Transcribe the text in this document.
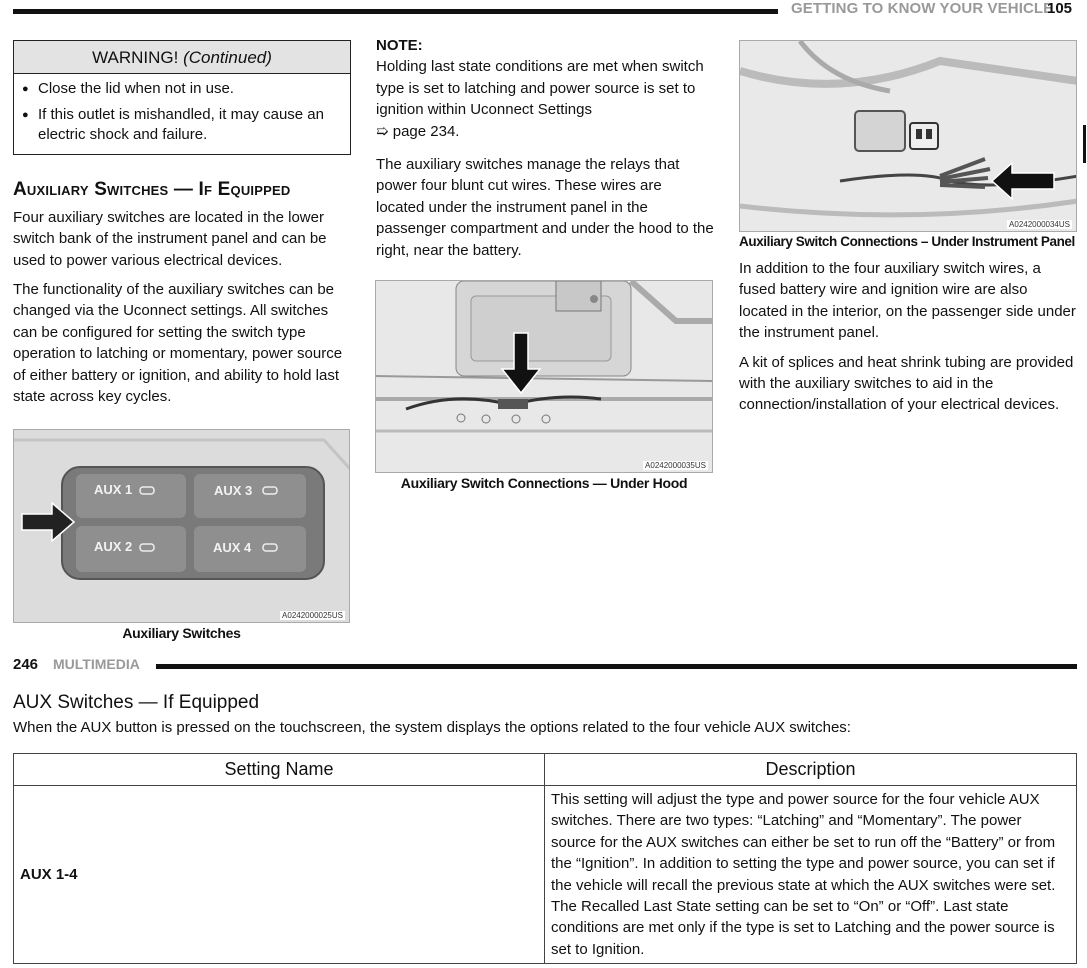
GETTING TO KNOW YOUR VEHICLE
105
WARNING! (Continued)
● Close the lid when not in use.
● If this outlet is mishandled, it may cause an electric shock and failure.
Auxiliary Switches — If Equipped

Four auxiliary switches are located in the lower switch bank of the instrument panel and can be used to power various electrical devices.

The functionality of the auxiliary switches can be changed via the Uconnect settings. All switches can be configured for setting the switch type operation to latching or momentary, power source of either battery or ignition, and ability to hold last state across key cycles.

AUX 1	AUX 3
AUX 2	AUX 4
A0242000025US
Auxiliary Switches
NOTE:

Holding last state conditions are met when switch type is set to latching and power source is set to ignition within Uconnect Settings
➯ page 234.

The auxiliary switches manage the relays that power four blunt cut wires. These wires are located under the instrument panel in the passenger compartment and under the hood to the right, near the battery.

A0242000035US
Auxiliary Switch Connections — Under Hood
A0242000034US
Auxiliary Switch Connections – Under Instrument Panel

In addition to the four auxiliary switch wires, a fused battery wire and ignition wire are also located in the interior, on the passenger side under the instrument panel.

A kit of splices and heat shrink tubing are provided with the auxiliary switches to aid in the connection/installation of your electrical devices.

246 MULTIMEDIA
AUX Switches — If Equipped
When the AUX button is pressed on the touchscreen, the system displays the options related to the four vehicle AUX switches:
Setting Name	Description
AUX 1-4	This setting will adjust the type and power source for the four vehicle AUX switches. There are two types: “Latching” and “Momentary”. The power source for the AUX switches can either be set to run off the “Battery” or from the “Ignition”. In addition to setting the type and power source, you can set if the vehicle will recall the previous state at which the AUX switches were set. The Recalled Last State setting can be set to “On” or “Off”. Last state conditions are met only if the type is set to Latching and the power source is set to Ignition.
